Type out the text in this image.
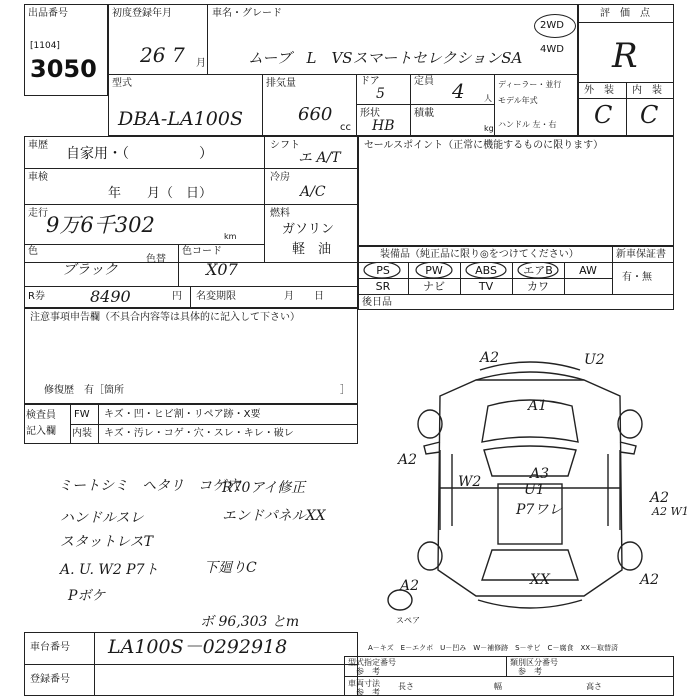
出品番号
[1104]
3050
初度登録年月
26 7 月
車名・グレード
ムーブ　L　VSスマートセレクションSA
2WD
4WD
型式
DBA-LA100S
排気量
660
cc
ドア
5
定員 4 人
形状
HB
積載
kg
ディーラー・並行
モデル年式
ハンドル 左・右
評　価　点
R
外　装 内　装
C C
車歴
自家用・（　　　　　）
シフト
エ A/T
車検
年　　月（　日）
冷房
A/C
走行
9万6千302	km
燃料
ガソリン
軽　油
色
ブラック
色替
色コード
X07
R券	8490	円 名変期限	月　　日
セールスポイント（正常に機能するものに限ります）
装備品（純正品に限り◎をつけてください）	新車保証書
有・無
PS	PW	ABS	エアB	AW
SR	ナビ	TV	カワ
後日品
注意事項申告欄（不具合内容等は具体的に記入して下さい）
修復歴　有［箇所	］
検査員
記入欄
FW キズ・凹・ヒビ割・リペア跡・X要
内装 キズ・汚レ・コゲ・穴・スレ・キレ・破レ
ミートシミ　ヘタリ　コゲ穴
ハンドルスレ
スタットレスT
A. U. W2 P7ト
Pボケ
R70アイ修正
エンドパネルXX
下廻りC
ボ 96,303 とm
A2	U2
A1
A2
W2	A3
U1
P7ワレ
A2
A2 W1
XX
A2	A2
スペア
A－キズ　E－エクボ　U－凹み　W－補修跡　S－サビ　C－腐食　XX－取替済
車台番号 LA100S－0292918
登録番号
型式指定番号
参　考
類別区分番号
参　考
車両寸法
参　考
長さ	幅	高さ
